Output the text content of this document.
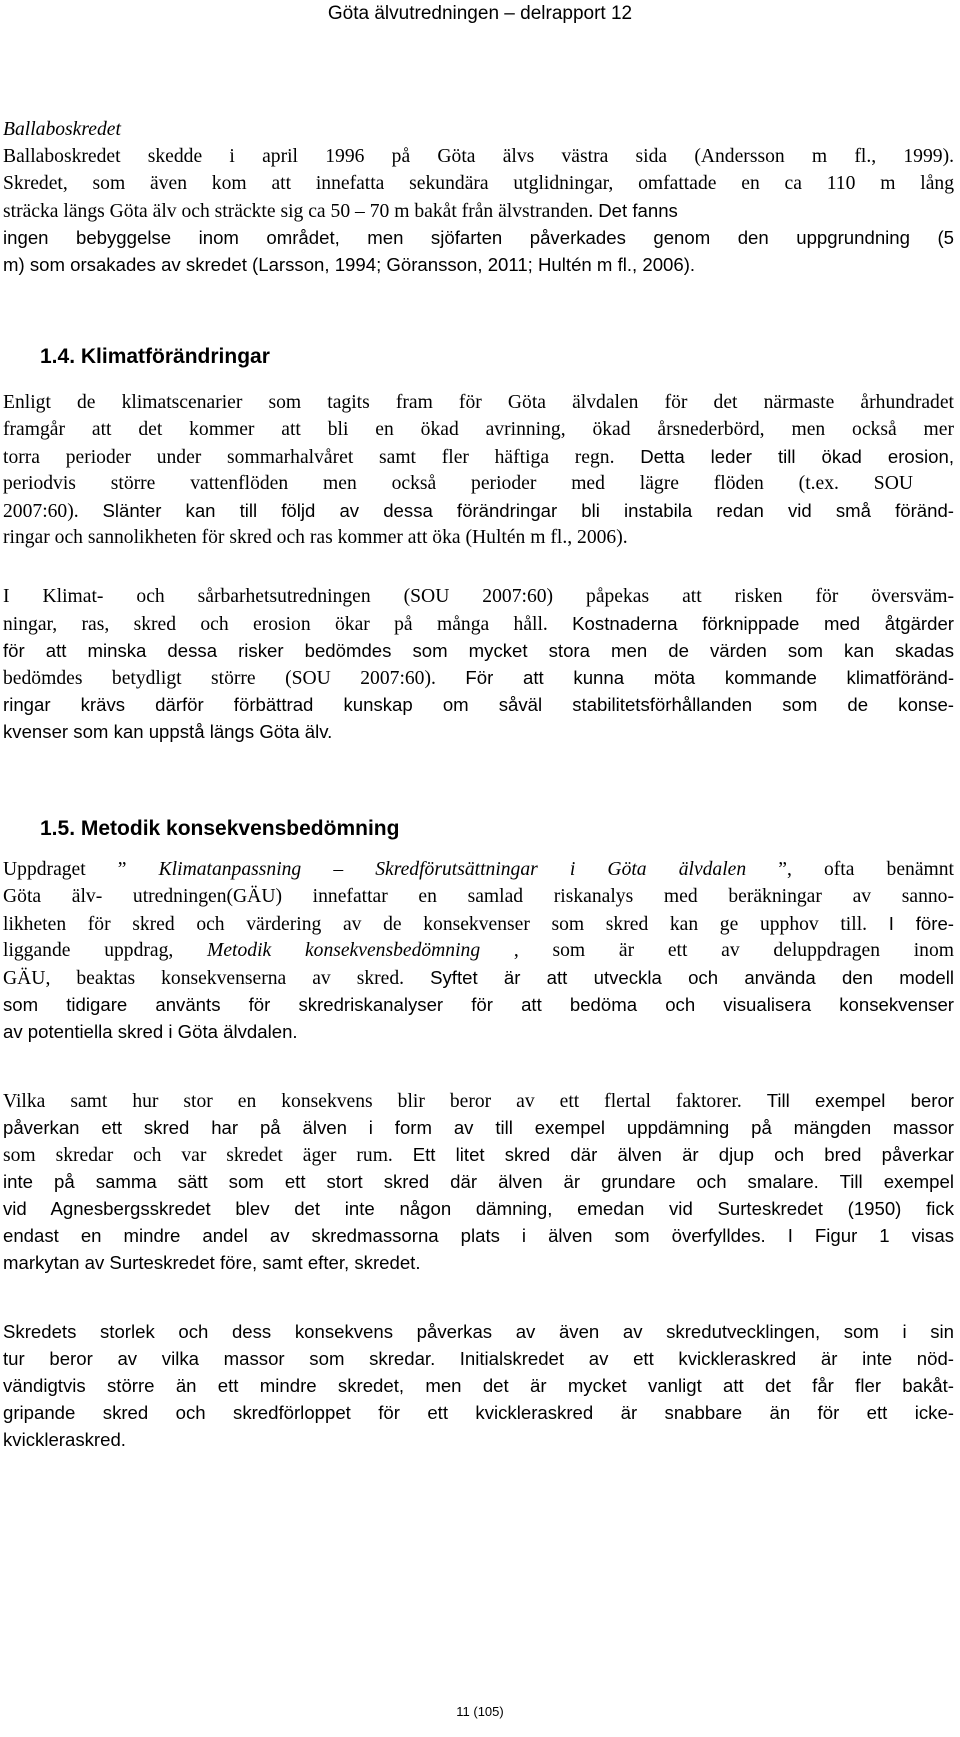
Göta älvutredningen – delrapport 12
Ballaboskredet
Ballaboskredet skedde i april 1996 på Göta älvs västra sida (Andersson m fl., 1999).
Skredet, som även kom att innefatta sekundära utglidningar, omfattade en ca 110 m lång
sträcka längs Göta älv och sträckte sig ca 50 – 70 m bakåt från älvstranden. Det fanns
ingen bebyggelse inom området, men sjöfarten påverkades genom den uppgrundning (5
m) som orsakades av skredet (Larsson, 1994; Göransson, 2011; Hultén m fl., 2006).
1.4. Klimatförändringar
Enligt de klimatscenarier som tagits fram för Göta älvdalen för det närmaste århundradet
framgår att det kommer att bli en ökad avrinning, ökad årsnederbörd, men också mer
torra perioder under sommarhalvåret samt fler häftiga regn. Detta leder till ökad erosion,
periodvis större vattenflöden men också perioder med lägre flöden (t.ex. SOU
2007:60). Slänter kan till följd av dessa förändringar bli instabila redan vid små föränd-
ringar och sannolikheten för skred och ras kommer att öka (Hultén m fl., 2006).
I Klimat- och sårbarhetsutredningen (SOU 2007:60) påpekas att risken för översväm-
ningar, ras, skred och erosion ökar på många håll. Kostnaderna förknippade med åtgärder
för att minska dessa risker bedömdes som mycket stora men de värden som kan skadas
bedömdes betydligt större (SOU 2007:60). För att kunna möta kommande klimatföränd-
ringar krävs därför förbättrad kunskap om såväl stabilitetsförhållanden som de konse-
kvenser som kan uppstå längs Göta älv.
1.5. Metodik konsekvensbedömning
Uppdraget ” Klimatanpassning – Skredförutsättningar i Göta älvdalen ”, ofta benämnt
Göta älv- utredningen(GÄU) innefattar en samlad riskanalys med beräkningar av sanno-
likheten för skred och värdering av de konsekvenser som skred kan ge upphov till. I före-
liggande uppdrag, Metodik konsekvensbedömning , som är ett av deluppdragen inom
GÄU, beaktas konsekvenserna av skred. Syftet är att utveckla och använda den modell
som tidigare använts för skredriskanalyser för att bedöma och visualisera konsekvenser
av potentiella skred i Göta älvdalen.
Vilka samt hur stor en konsekvens blir beror av ett flertal faktorer. Till exempel beror
påverkan ett skred har på älven i form av till exempel uppdämning på mängden massor
som skredar och var skredet äger rum. Ett litet skred där älven är djup och bred påverkar
inte på samma sätt som ett stort skred där älven är grundare och smalare. Till exempel
vid Agnesbergsskredet blev det inte någon dämning, emedan vid Surteskredet (1950) fick
endast en mindre andel av skredmassorna plats i älven som överfylldes. I Figur 1 visas
markytan av Surteskredet före, samt efter, skredet.
Skredets storlek och dess konsekvens påverkas av även av skredutvecklingen, som i sin
tur beror av vilka massor som skredar. Initialskredet av ett kvickleraskred är inte nöd-
vändigtvis större än ett mindre skredet, men det är mycket vanligt att det får fler bakåt-
gripande skred och skredförloppet för ett kvickleraskred är snabbare än för ett icke-
kvickleraskred.
11 (105)
